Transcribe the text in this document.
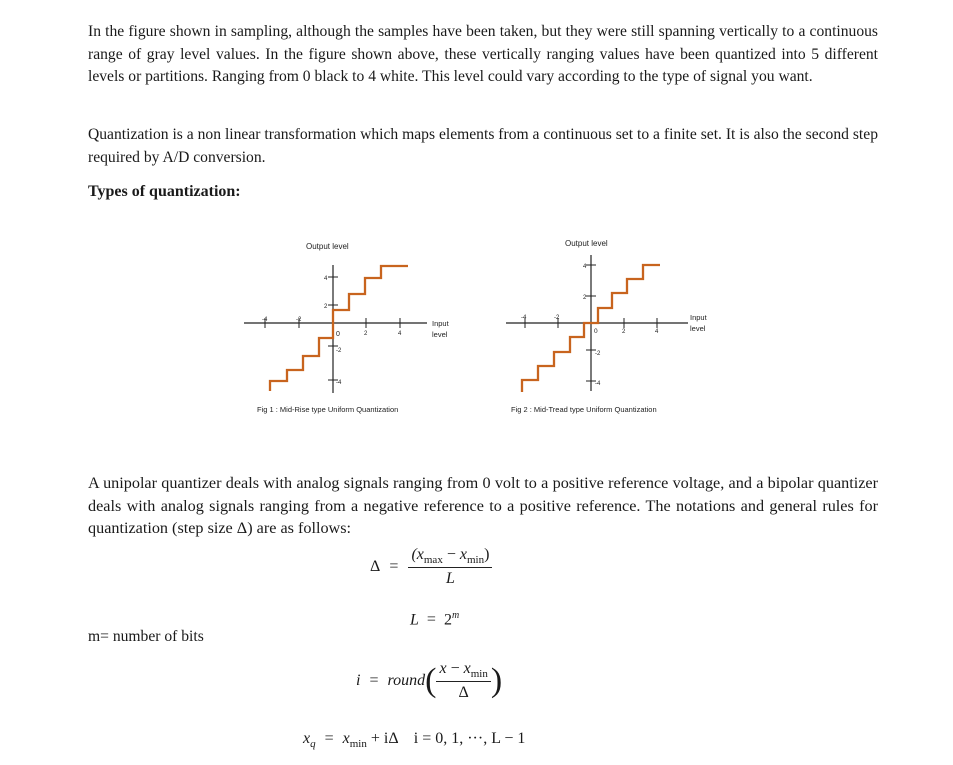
In the figure shown in sampling, although the samples have been taken, but they were still spanning vertically to a continuous range of gray level values. In the figure shown above, these vertically ranging values have been quantized into 5 different levels or partitions. Ranging from 0 black to 4 white. This level could vary according to the type of signal you want.
Quantization is a non linear transformation which maps elements from a continuous set to a finite set. It is also the second step required by A/D conversion.
Types of quantization:
Output level
4
2
-2
-4
-4	-2
0	2	4
Input
level
Fig 1 : Mid-Rise type Uniform Quantization
Output level
4
2
-2
-4
-4	-2
0	2	4
Input
level
Fig 2 : Mid-Tread type Uniform Quantization
A unipolar quantizer deals with analog signals ranging from 0 volt to a positive reference voltage, and a bipolar quantizer deals with analog signals ranging from a negative reference to a positive reference. The notations and general rules for quantization (step size Δ) are as follows:
$\Delta = \frac{(x_{max} - x_{min})}{L}$
$L = 2^m$
m= number of bits
i = round( $\frac{x - x_{min}}{\Delta}$ )
$x_q = x_{min} + i\Delta$ i = 0, 1, ···, L − 1
